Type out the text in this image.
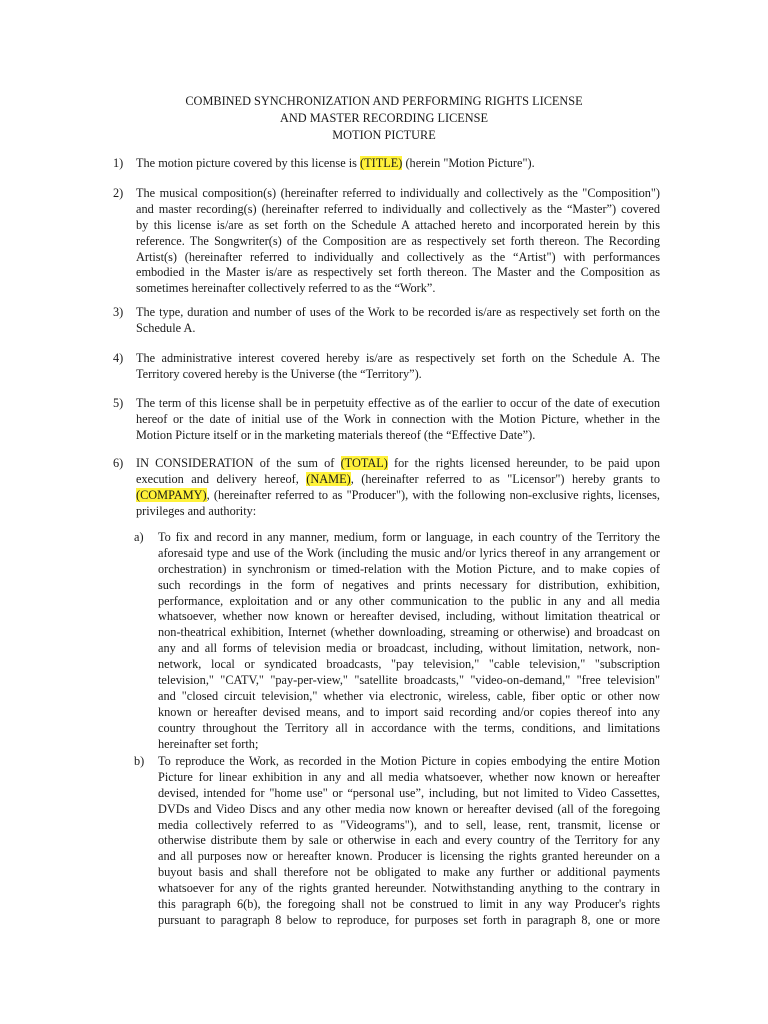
COMBINED SYNCHRONIZATION AND PERFORMING RIGHTS LICENSE
AND MASTER RECORDING LICENSE
MOTION PICTURE
1) The motion picture covered by this license is (TITLE) (herein "Motion Picture").
2) The musical composition(s) (hereinafter referred to individually and collectively as the "Composition")
and master recording(s) (hereinafter referred to individually and collectively as the “Master”) covered
by this license is/are as set forth on the Schedule A attached hereto and incorporated herein by this
reference. The Songwriter(s) of the Composition are as respectively set forth thereon. The Recording
Artist(s) (hereinafter referred to individually and collectively as the “Artist") with performances
embodied in the Master is/are as respectively set forth thereon. The Master and the Composition as
sometimes hereinafter collectively referred to as the “Work”.
3) The type, duration and number of uses of the Work to be recorded is/are as respectively set forth on the
Schedule A.
4) The administrative interest covered hereby is/are as respectively set forth on the Schedule A. The
Territory covered hereby is the Universe (the “Territory”).
5) The term of this license shall be in perpetuity effective as of the earlier to occur of the date of execution
hereof or the date of initial use of the Work in connection with the Motion Picture, whether in the
Motion Picture itself or in the marketing materials thereof (the “Effective Date”).
6) IN CONSIDERATION of the sum of (TOTAL) for the rights licensed hereunder, to be paid upon
execution and delivery hereof, (NAME), (hereinafter referred to as "Licensor") hereby grants to
(COMPAMY), (hereinafter referred to as "Producer"), with the following non-exclusive rights, licenses,
privileges and authority:
a) To fix and record in any manner, medium, form or language, in each country of the Territory the
aforesaid type and use of the Work (including the music and/or lyrics thereof in any arrangement or
orchestration) in synchronism or timed-relation with the Motion Picture, and to make copies of
such recordings in the form of negatives and prints necessary for distribution, exhibition,
performance, exploitation and or any other communication to the public in any and all media
whatsoever, whether now known or hereafter devised, including, without limitation theatrical or
non-theatrical exhibition, Internet (whether downloading, streaming or otherwise) and broadcast on
any and all forms of television media or broadcast, including, without limitation, network, non-
network, local or syndicated broadcasts, "pay television," "cable television," "subscription
television," "CATV," "pay-per-view," "satellite broadcasts," "video-on-demand," "free television"
and "closed circuit television," whether via electronic, wireless, cable, fiber optic or other now
known or hereafter devised means, and to import said recording and/or copies thereof into any
country throughout the Territory all in accordance with the terms, conditions, and limitations
hereinafter set forth;
b) To reproduce the Work, as recorded in the Motion Picture in copies embodying the entire Motion
Picture for linear exhibition in any and all media whatsoever, whether now known or hereafter
devised, intended for "home use" or “personal use”, including, but not limited to Video Cassettes,
DVDs and Video Discs and any other media now known or hereafter devised (all of the foregoing
media collectively referred to as "Videograms"), and to sell, lease, rent, transmit, license or
otherwise distribute them by sale or otherwise in each and every country of the Territory for any
and all purposes now or hereafter known. Producer is licensing the rights granted hereunder on a
buyout basis and shall therefore not be obligated to make any further or additional payments
whatsoever for any of the rights granted hereunder. Notwithstanding anything to the contrary in
this paragraph 6(b), the foregoing shall not be construed to limit in any way Producer's rights
pursuant to paragraph 8 below to reproduce, for purposes set forth in paragraph 8, one or more
